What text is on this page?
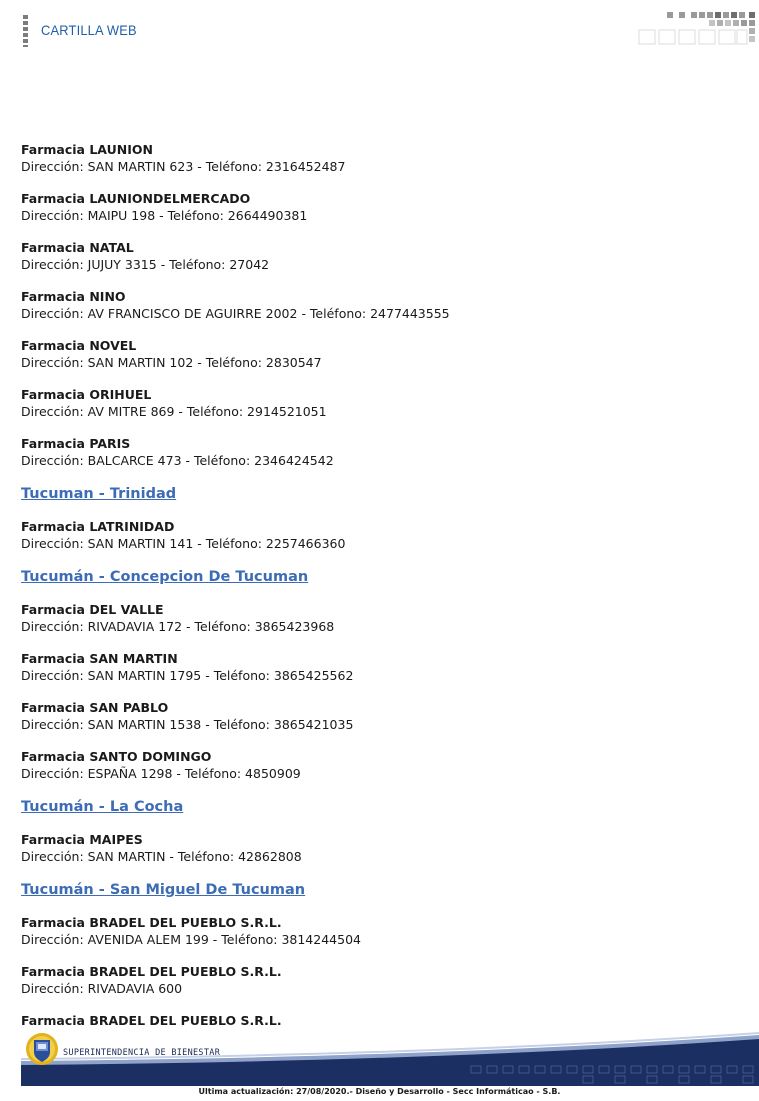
CARTILLA WEB
Farmacia LAUNION
Dirección: SAN MARTIN 623 - Teléfono: 2316452487
Farmacia LAUNIONDELMERCADO
Dirección: MAIPU 198 - Teléfono: 2664490381
Farmacia NATAL
Dirección: JUJUY 3315 - Teléfono: 27042
Farmacia NINO
Dirección: AV FRANCISCO DE AGUIRRE 2002 - Teléfono: 2477443555
Farmacia NOVEL
Dirección: SAN MARTIN 102 - Teléfono: 2830547
Farmacia ORIHUEL
Dirección: AV MITRE 869 - Teléfono: 2914521051
Farmacia PARIS
Dirección: BALCARCE 473 - Teléfono: 2346424542
Tucuman - Trinidad
Farmacia LATRINIDAD
Dirección: SAN MARTIN 141 - Teléfono: 2257466360
Tucumán - Concepcion De Tucuman
Farmacia DEL VALLE
Dirección: RIVADAVIA 172 - Teléfono: 3865423968
Farmacia SAN MARTIN
Dirección: SAN MARTIN 1795 - Teléfono: 3865425562
Farmacia SAN PABLO
Dirección: SAN MARTIN 1538 - Teléfono: 3865421035
Farmacia SANTO DOMINGO
Dirección: ESPAÑA 1298 - Teléfono: 4850909
Tucumán - La Cocha
Farmacia MAIPES
Dirección: SAN MARTIN - Teléfono: 42862808
Tucumán - San Miguel De Tucuman
Farmacia BRADEL DEL PUEBLO S.R.L.
Dirección: AVENIDA ALEM 199 - Teléfono: 3814244504
Farmacia BRADEL DEL PUEBLO S.R.L.
Dirección: RIVADAVIA 600
Farmacia BRADEL DEL PUEBLO S.R.L.
SUPERINTENDENCIA DE BIENESTAR
Ultima actualización: 27/08/2020.- Diseño y Desarrollo - Secc Informáticao - S.B.
